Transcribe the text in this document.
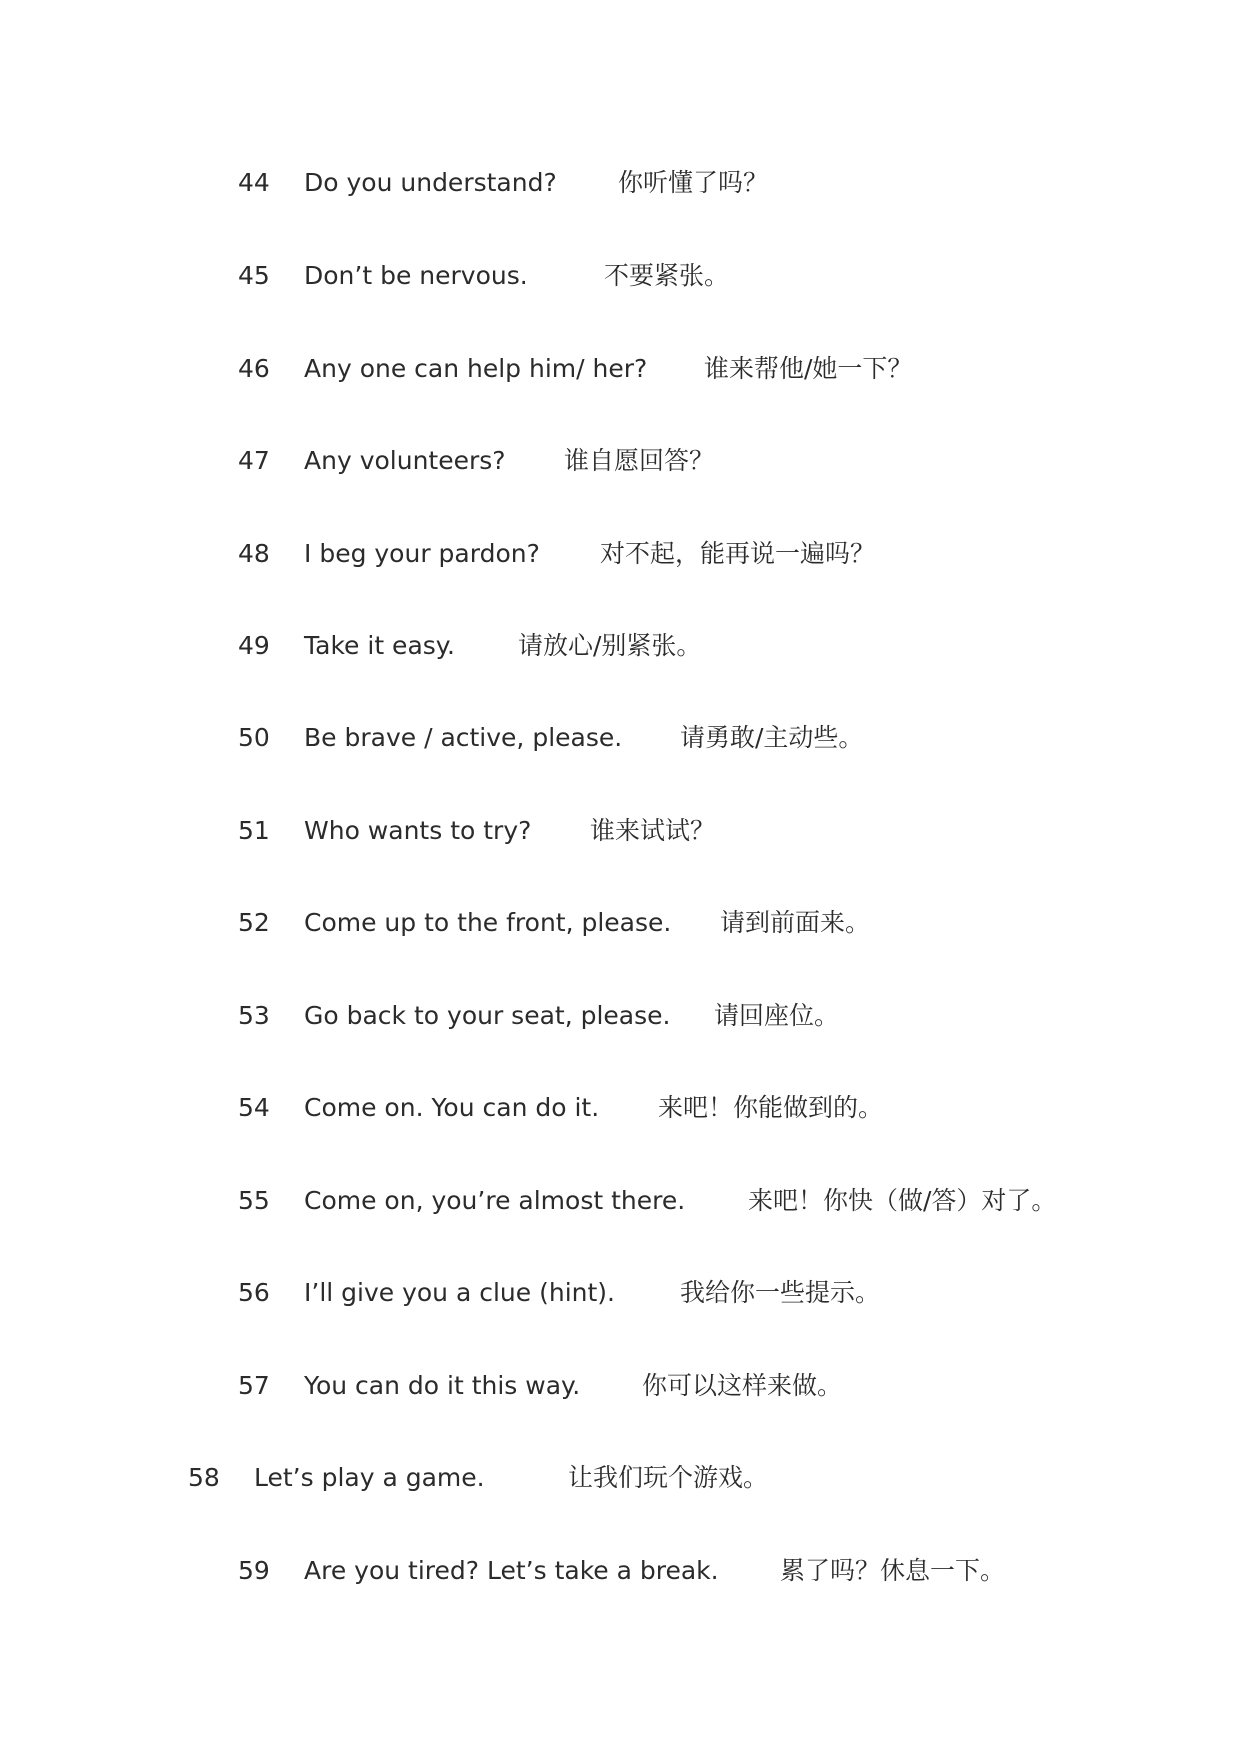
44 Do you understand? 你听懂了吗？
45 Don’t be nervous.	不要紧张。
46 Any one can help him/ her? 谁来帮他/她一下？
47 Any volunteers? 谁自愿回答？
48 I beg your pardon? 对不起，能再说一遍吗？
49 Take it easy.	请放心/别紧张。
50 Be brave / active, please. 请勇敢/主动些。
51 Who wants to try? 谁来试试？
52 Come up to the front, please. 请到前面来。
53 Go back to your seat, please. 请回座位。
54 Come on. You can do it. 来吧！你能做到的。
55 Come on, you’re almost there.	来吧！你快（做/答）对了。
56 I’ll give you a clue (hint).	我给你一些提示。
57 You can do it this way. 你可以这样来做。
58 Let’s play a game.	让我们玩个游戏。
59 Are you tired? Let’s take a break. 累了吗？休息一下。
